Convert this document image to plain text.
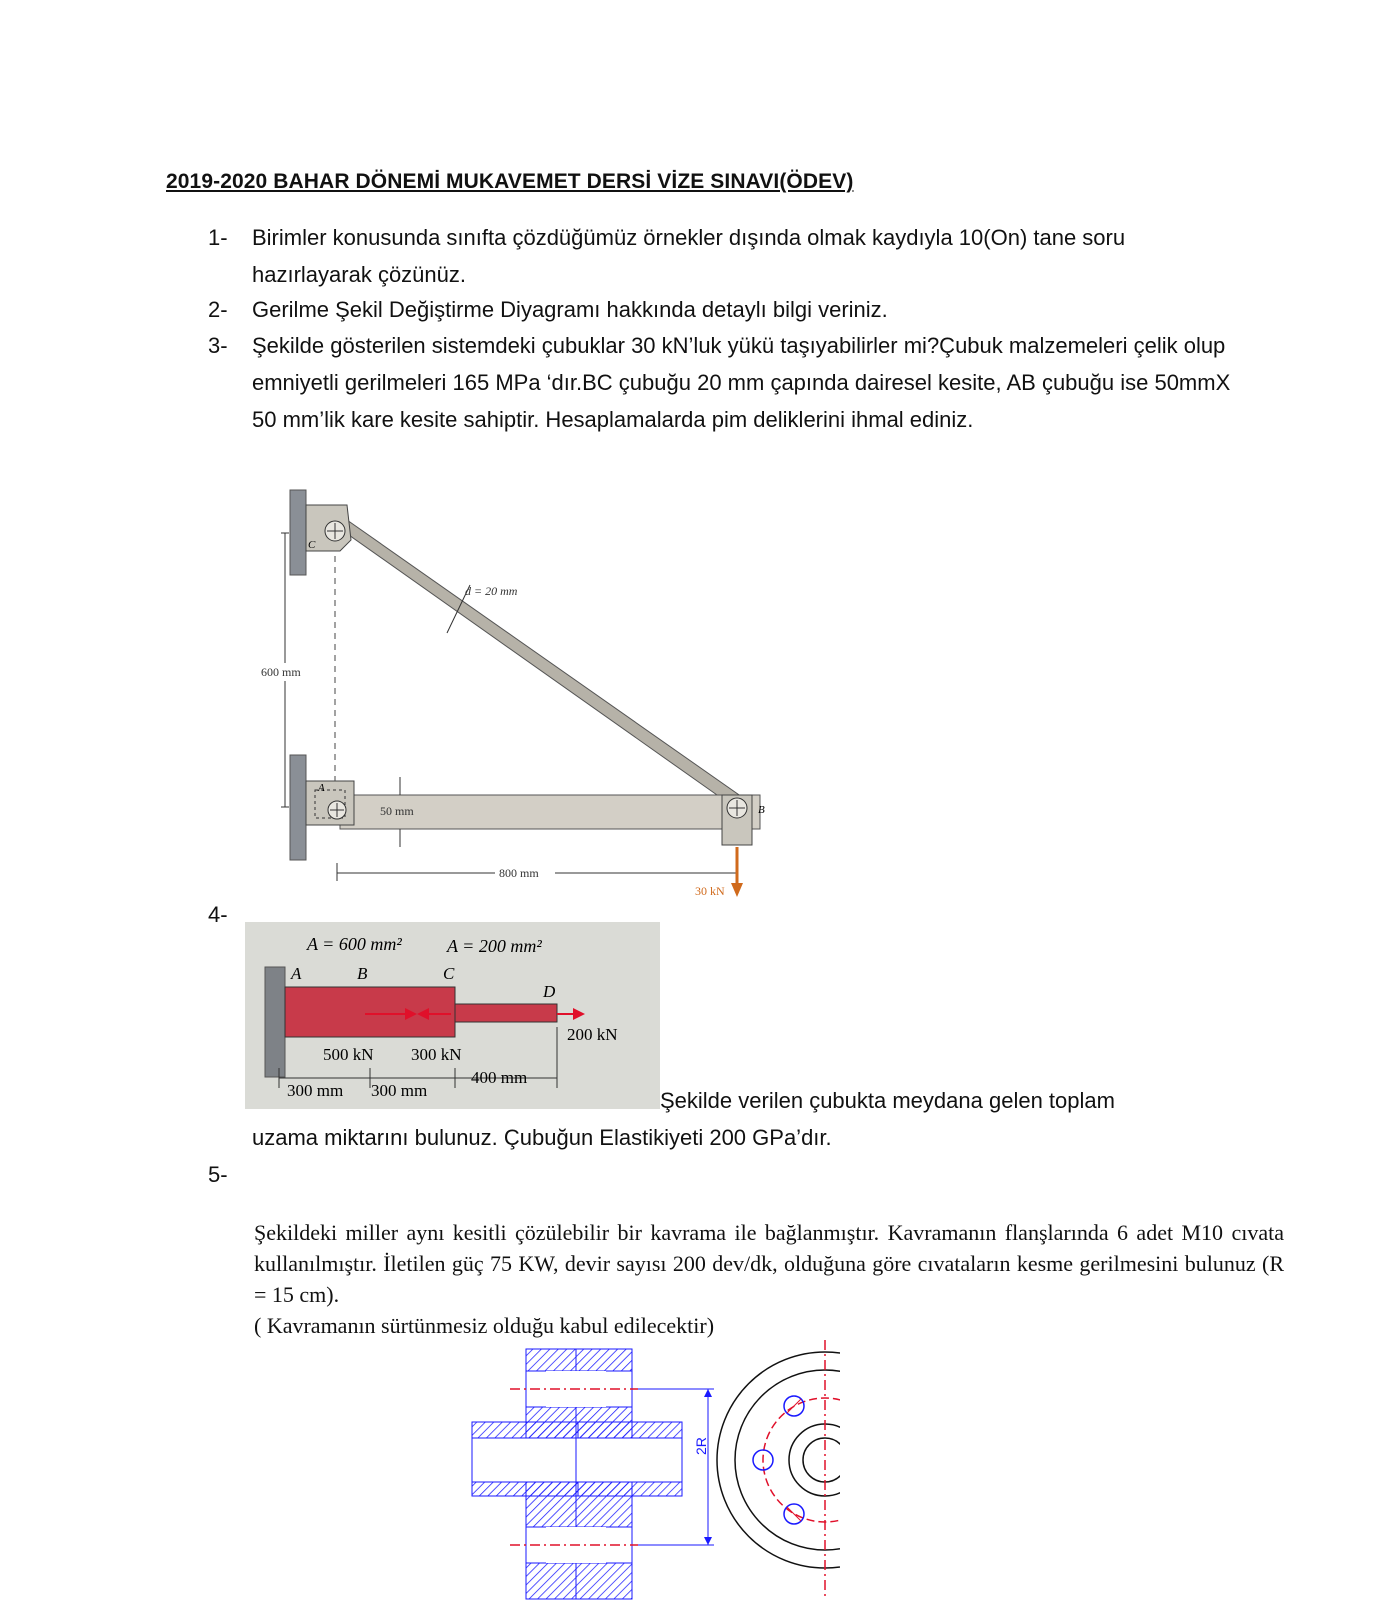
2019-2020 BAHAR DÖNEMİ MUKAVEMET DERSİ VİZE SINAVI(ÖDEV)
1- Birimler konusunda sınıfta çözdüğümüz örnekler dışında olmak kaydıyla 10(On) tane soru hazırlayarak çözünüz.
2- Gerilme Şekil Değiştirme Diyagramı hakkında detaylı bilgi veriniz.
3- Şekilde gösterilen sistemdeki çubuklar 30 kN’luk yükü taşıyabilirler mi?Çubuk malzemeleri çelik olup emniyetli gerilmeleri 165 MPa ‘dır.BC çubuğu 20 mm çapında dairesel kesite, AB çubuğu ise 50mmX 50 mm’lik kare kesite sahiptir. Hesaplamalarda pim deliklerini ihmal ediniz.
600 mm
C
d = 20 mm
A
50 mm	B
800 mm
30 kN
4-
A = 600 mm²	A = 200 mm²
A	B	C
D
500 kN 300 kN
200 kN
300 mm 300 mm
400 mm
Şekilde verilen çubukta meydana gelen toplam
uzama miktarını bulunuz. Çubuğun Elastikiyeti 200 GPa’dır.
5-

Şekildeki miller aynı kesitli çözülebilir bir kavrama ile bağlanmıştır. Kavramanın flanşlarında 6 adet M10 cıvata kullanılmıştır. İletilen güç 75 KW, devir sayısı 200 dev/dk, olduğuna göre cıvataların kesme gerilmesini bulunuz (R = 15 cm).

( Kavramanın sürtünmesiz olduğu kabul edilecektir)

2R
